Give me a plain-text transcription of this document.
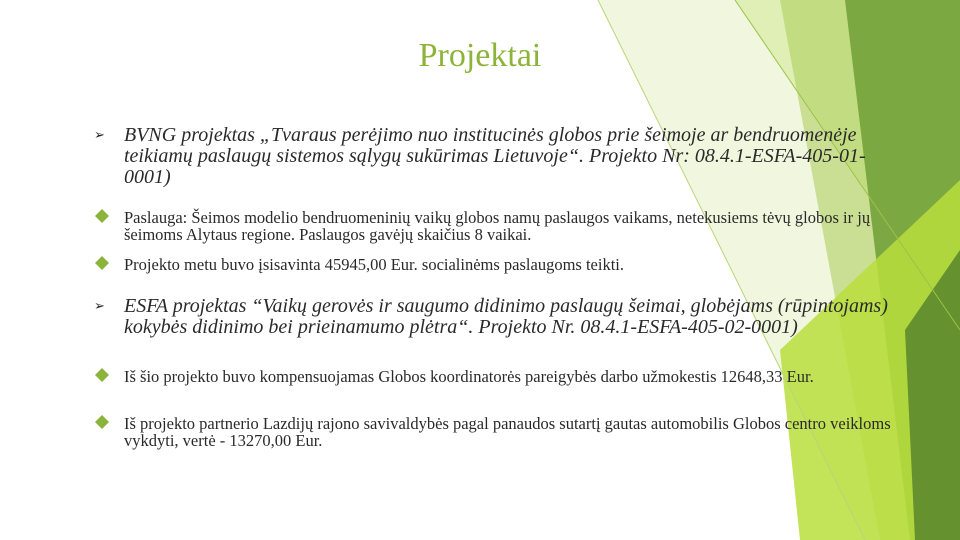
Projektai
➢ BVNG projektas „Tvaraus perėjimo nuo institucinės globos prie šeimoje ar bendruomenėje teikiamų paslaugų sistemos sąlygų sukūrimas Lietuvoje“. Projekto Nr: 08.4.1-ESFA-405-01-0001)
Paslauga: Šeimos modelio bendruomeninių vaikų globos namų paslaugos vaikams, netekusiems tėvų globos ir jų šeimoms Alytaus regione. Paslaugos gavėjų skaičius 8 vaikai.
Projekto metu buvo įsisavinta 45945,00 Eur. socialinėms paslaugoms teikti.
➢ ESFA projektas “Vaikų gerovės ir saugumo didinimo paslaugų šeimai, globėjams (rūpintojams) kokybės didinimo bei prieinamumo plėtra“. Projekto Nr. 08.4.1-ESFA-405-02-0001)
Iš šio projekto buvo kompensuojamas Globos koordinatorės pareigybės darbo užmokestis 12648,33 Eur.
Iš projekto partnerio Lazdijų rajono savivaldybės pagal panaudos sutartį gautas automobilis Globos centro veikloms vykdyti, vertė - 13270,00 Eur.
